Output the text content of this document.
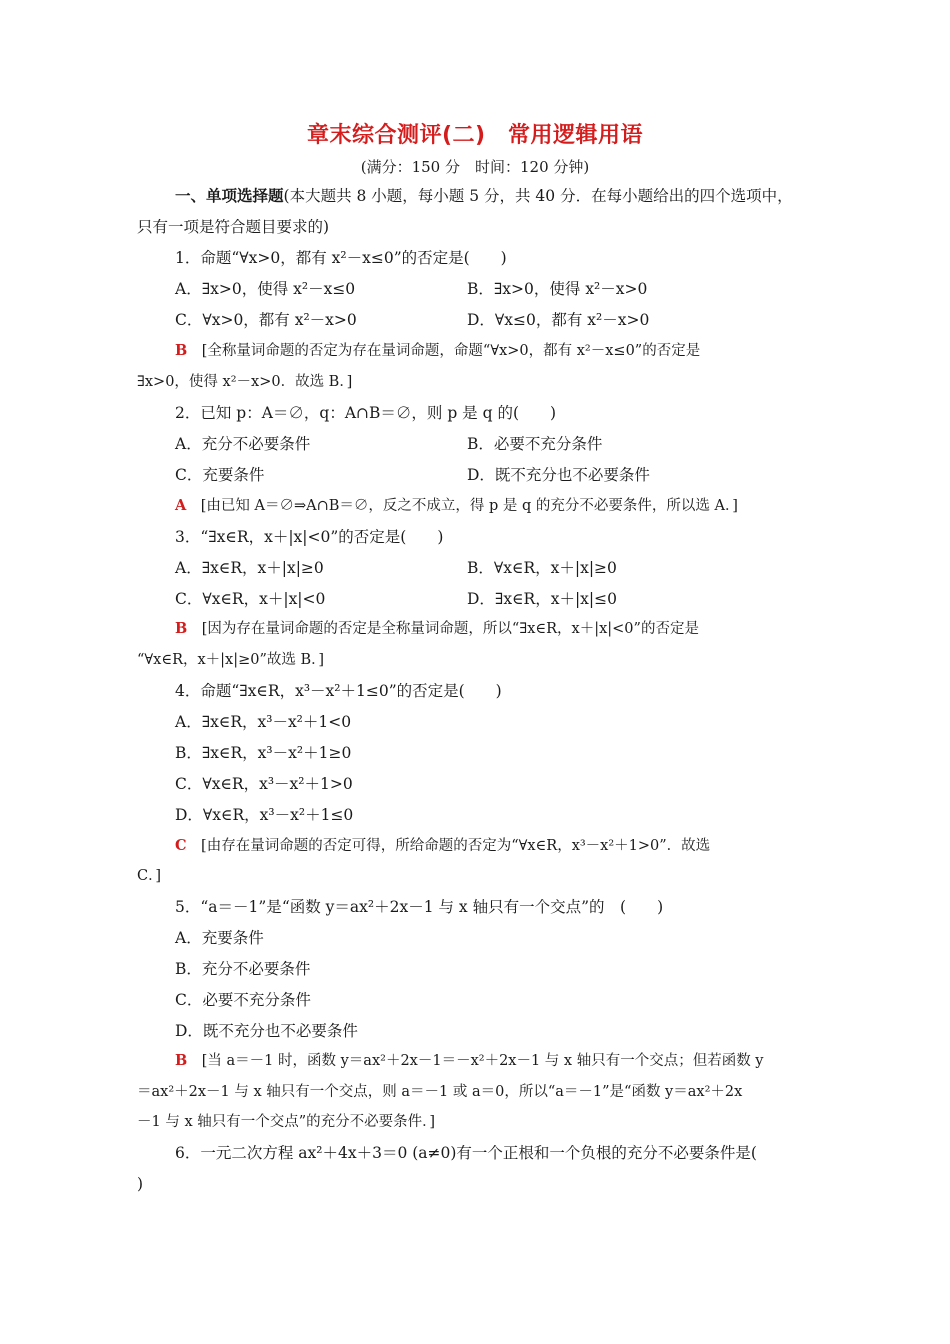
章末综合测评(二)　常用逻辑用语
(满分：150 分　时间：120 分钟)
一、单项选择题(本大题共 8 小题，每小题 5 分，共 40 分．在每小题给出的四个选项中，
只有一项是符合题目要求的)
1．命题“∀x>0，都有 x²－x≤0”的否定是(　　)
A．∃x>0，使得 x²－x≤0	B．∃x>0，使得 x²－x>0
C．∀x>0，都有 x²－x>0	D．∀x≤0，都有 x²－x>0
B　 [全称量词命题的否定为存在量词命题，命题“∀x>0，都有 x²－x≤0”的否定是
∃x>0，使得 x²－x>0．故选 B．]
2．已知 p：A＝∅，q：A∩B＝∅，则 p 是 q 的(　　)
A．充分不必要条件	B．必要不充分条件
C．充要条件	D．既不充分也不必要条件
A　 [由已知 A＝∅⇒A∩B＝∅，反之不成立，得 p 是 q 的充分不必要条件，所以选 A．]
3．“∃x∈R，x＋|x|<0”的否定是(　　)
A．∃x∈R，x＋|x|≥0	B．∀x∈R，x＋|x|≥0
C．∀x∈R，x＋|x|<0	D．∃x∈R，x＋|x|≤0
B　 [因为存在量词命题的否定是全称量词命题，所以“∃x∈R，x＋|x|<0”的否定是
“∀x∈R，x＋|x|≥0”故选 B．]
4．命题“∃x∈R，x³－x²＋1≤0”的否定是(　　)
A．∃x∈R，x³－x²＋1<0
B．∃x∈R，x³－x²＋1≥0
C．∀x∈R，x³－x²＋1>0
D．∀x∈R，x³－x²＋1≤0
C　 [由存在量词命题的否定可得，所给命题的否定为“∀x∈R，x³－x²＋1>0”．故选
C．]
5．“a＝－1”是“函数 y＝ax²＋2x－1 与 x 轴只有一个交点”的　(　　)
A．充要条件
B．充分不必要条件
C．必要不充分条件
D．既不充分也不必要条件
B　 [当 a＝－1 时，函数 y＝ax²＋2x－1＝－x²＋2x－1 与 x 轴只有一个交点；但若函数 y
＝ax²＋2x－1 与 x 轴只有一个交点，则 a＝－1 或 a＝0，所以“a＝－1”是“函数 y＝ax²＋2x
－1 与 x 轴只有一个交点”的充分不必要条件．]
6．一元二次方程 ax²＋4x＋3＝0 (a≠0)有一个正根和一个负根的充分不必要条件是(
)
